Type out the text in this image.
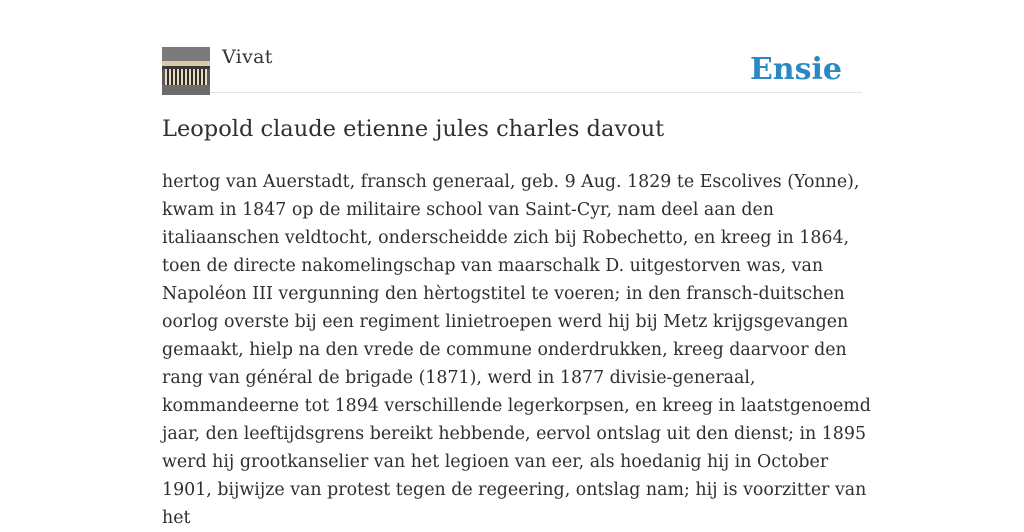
Vivat	Ensie
Leopold claude etienne jules charles davout

hertog van Auerstadt, fransch generaal, geb. 9 Aug. 1829 te Escolives (Yonne), kwam in 1847 op de militaire school van Saint-Cyr, nam deel aan den italiaanschen veldtocht, onderscheidde zich bij Robechetto, en kreeg in 1864, toen de directe nakomelingschap van maarschalk D. uitgestorven was, van Napoléon III vergunning den hèrtogstitel te voeren; in den fransch-duitschen oorlog overste bij een regiment linietroepen werd hij bij Metz krijgsgevangen gemaakt, hielp na den vrede de commune onderdrukken, kreeg daarvoor den rang van général de brigade (1871), werd in 1877 divisie-generaal, kommandeerne tot 1894 verschillende legerkorpsen, en kreeg in laatstgenoemd jaar, den leeftijdsgrens bereikt hebbende, eervol ontslag uit den dienst; in 1895 werd hij grootkanselier van het legioen van eer, als hoedanig hij in October 1901, bijwijze van protest tegen de regeering, ontslag nam; hij is voorzitter van het
